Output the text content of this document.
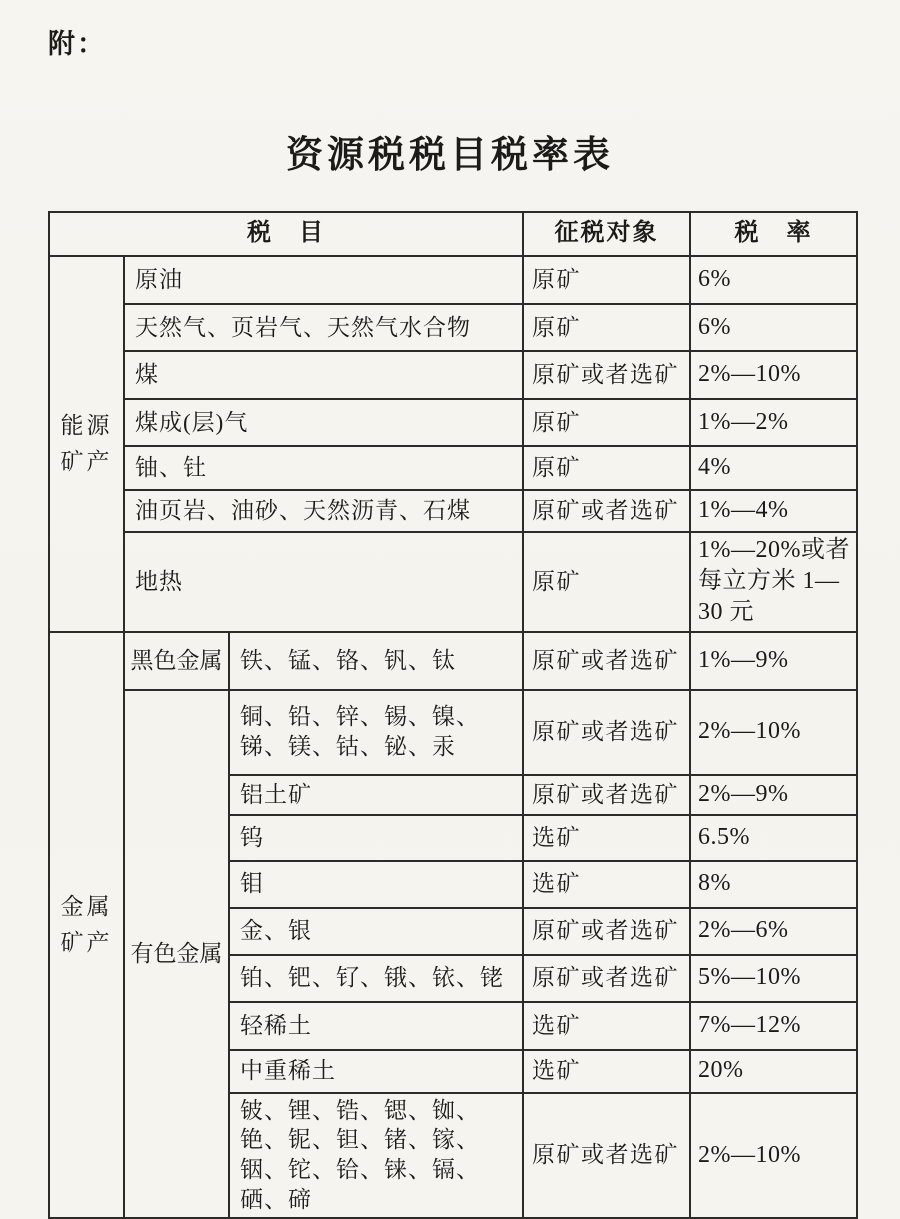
附：
资源税税目税率表
税　目			征税对象	税　率
能源矿产	原油		原矿	6%
	天然气、页岩气、天然气水合物		原矿	6%
	煤		原矿或者选矿	2%—10%
	煤成(层)气		原矿	1%—2%
	铀、钍		原矿	4%
	油页岩、油砂、天然沥青、石煤		原矿或者选矿	1%—4%
	地热		原矿	1%—20%或者每立方米 1—30 元
金属矿产	黑色金属	铁、锰、铬、钒、钛	原矿或者选矿	1%—9%
	有色金属	铜、铅、锌、锡、镍、锑、镁、钴、铋、汞	原矿或者选矿	2%—10%
		铝土矿	原矿或者选矿	2%—9%
		钨	选矿	6.5%
		钼	选矿	8%
		金、银	原矿或者选矿	2%—6%
		铂、钯、钌、锇、铱、铑	原矿或者选矿	5%—10%
		轻稀土	选矿	7%—12%
		中重稀土	选矿	20%
		铍、锂、锆、锶、铷、铯、铌、钽、锗、镓、铟、铊、铪、铼、镉、硒、碲	原矿或者选矿	2%—10%
